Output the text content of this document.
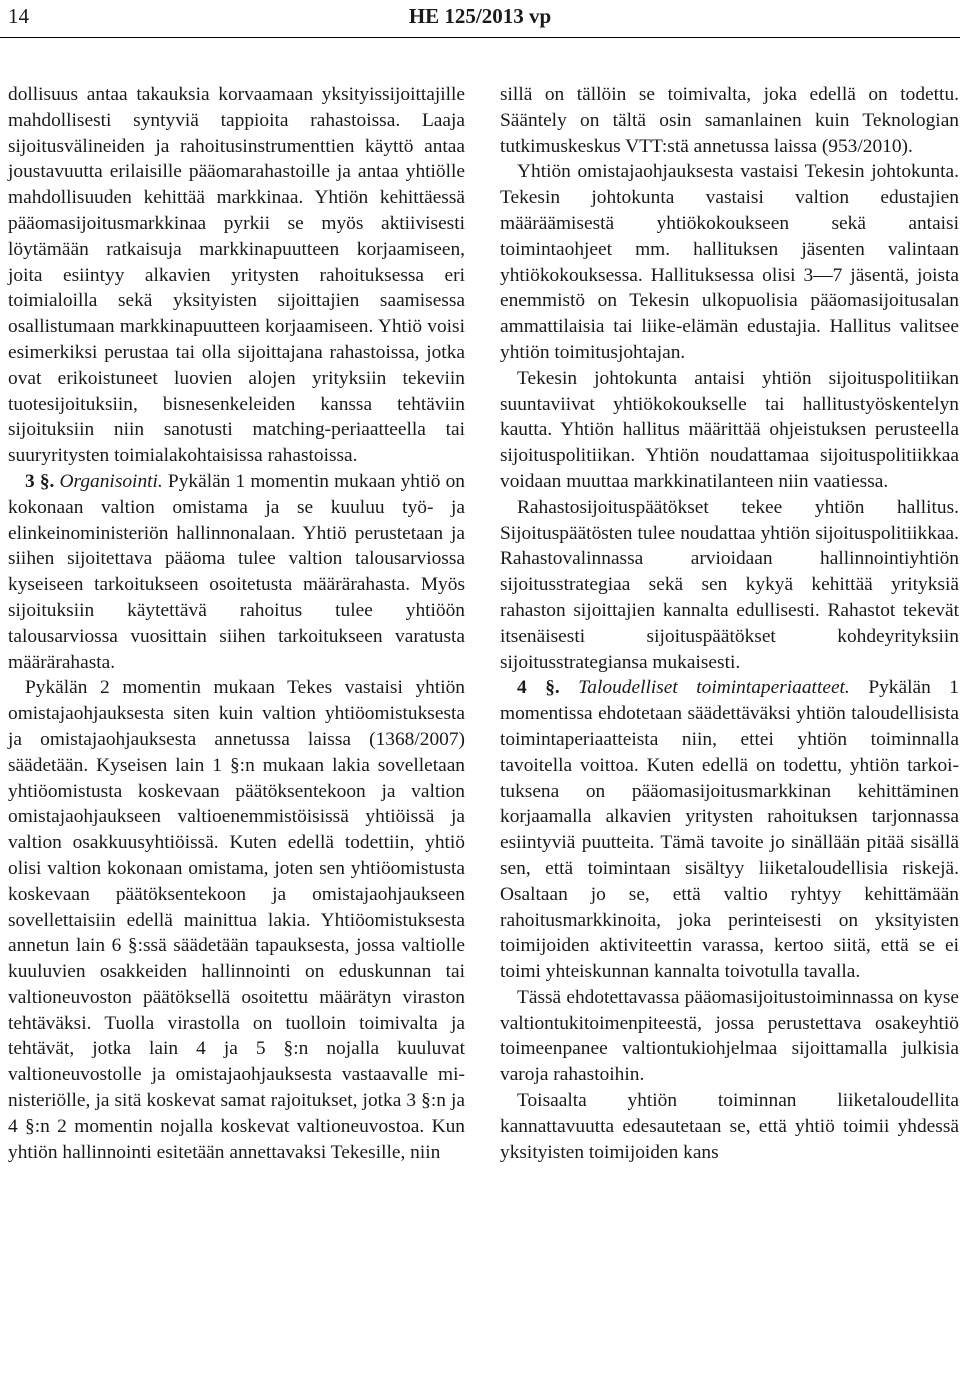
14	HE 125/2013 vp

dollisuus antaa takauksia korvaamaan yksityissijoittajille mahdollisesti syntyviä tappioita rahastoissa. Laaja sijoitusvälineiden ja rahoitusinstrumenttien käyttö antaa joustavuutta erilaisille pääomarahastoille ja antaa yhtiölle mahdollisuuden kehittää markkinaa. Yhtiön kehittäessä pääomasijoitusmarkkinaa pyrkii se myös aktiivisesti löytämään ratkaisuja markkinapuutteen korjaamiseen, joita esiintyy alkavien yritysten rahoituksessa eri toimialoilla sekä yksityisten sijoittajien saamisessa osallistumaan markkinapuutteen korjaamiseen. Yhtiö voisi esimerkiksi perustaa tai olla sijoittajana rahastoissa, jotka ovat erikoistuneet luovien alojen yrityksiin tekeviin tuotesijoituksiin, bisnesenkeleiden kanssa tehtäviin sijoituksiin niin sanotusti matching-periaatteella tai suuryritysten toimialakohtaisissa rahastoissa.

3 §. Organisointi. Pykälän 1 momentin mukaan yhtiö on kokonaan valtion omistama ja se kuuluu työ- ja elinkeinoministeriön hallinnonalaan. Yhtiö perustetaan ja siihen sijoitettava pääoma tulee valtion talousarviossa kyseiseen tarkoitukseen osoitetusta määrärahasta. Myös sijoituksiin käytettävä rahoitus tulee yhtiöön talousarviossa vuosittain siihen tarkoitukseen varatusta määrärahasta.

Pykälän 2 momentin mukaan Tekes vastaisi yhtiön omistajaohjauksesta siten kuin valtion yhtiöomistuksesta ja omistajaohjauksesta annetussa laissa (1368/2007) säädetään. Kyseisen lain 1 §:n mukaan lakia sovelletaan yhtiöomistusta koskevaan päätöksentekoon ja valtion omistajaohjaukseen valtioenemmistöisissä yhtiöissä ja valtion osakkuusyhtiöissä. Kuten edellä todettiin, yhtiö olisi valtion kokonaan omistama, joten sen yhtiöomistusta koskevaan päätöksentekoon ja omistajaohjaukseen sovellettaisiin edellä mainittua lakia. Yhtiöomistuksesta annetun lain 6 §:ssä säädetään tapauksesta, jossa valtiolle kuuluvien osakkeiden hallinnointi on eduskunnan tai valtioneuvoston päätöksellä osoitettu määrätyn viraston tehtäväksi. Tuolla virastolla on tuolloin toimivalta ja tehtävät, jotka lain 4 ja 5 §:n nojalla kuuluvat valtioneuvostolle ja omistajaohjauksesta vastaavalle ministeriölle, ja sitä koskevat samat rajoitukset, jotka 3 §:n ja 4 §:n 2 momentin nojalla koskevat valtioneuvostoa. Kun yhtiön hallinnointi esitetään annettavaksi Tekesille, niin

sillä on tällöin se toimivalta, joka edellä on todettu. Sääntely on tältä osin samanlainen kuin Teknologian tutkimuskeskus VTT:stä annetussa laissa (953/2010).

Yhtiön omistajaohjauksesta vastaisi Tekesin johtokunta. Tekesin johtokunta vastaisi valtion edustajien määräämisestä yhtiökokoukseen sekä antaisi toimintaohjeet mm. hallituksen jäsenten valintaan yhtiökokouksessa. Hallituksessa olisi 3—7 jäsentä, joista enemmistö on Tekesin ulkopuolisia pääomasijoitusalan ammattilaisia tai liike-elämän edustajia. Hallitus valitsee yhtiön toimitusjohtajan.

Tekesin johtokunta antaisi yhtiön sijoituspolitiikan suuntaviivat yhtiökokoukselle tai hallitustyöskentelyn kautta. Yhtiön hallitus määrittää ohjeistuksen perusteella sijoituspolitiikan. Yhtiön noudattamaa sijoituspolitiikkaa voidaan muuttaa markkinatilanteen niin vaatiessa.

Rahastosijoituspäätökset tekee yhtiön hallitus. Sijoituspäätösten tulee noudattaa yhtiön sijoituspolitiikkaa. Rahastovalinnassa arvioidaan hallinnointiyhtiön sijoitusstrategiaa sekä sen kykyä kehittää yrityksiä rahaston sijoittajien kannalta edullisesti. Rahastot tekevät itsenäisesti sijoituspäätökset kohdeyrityksiin sijoitusstrategiansa mukaisesti.

4 §. Taloudelliset toimintaperiaatteet. Pykälän 1 momentissa ehdotetaan säädettäväksi yhtiön taloudellisista toimintaperiaatteista niin, ettei yhtiön toiminnalla tavoitella voittoa. Kuten edellä on todettu, yhtiön tarkoituksena on pääomasijoitusmarkkinan kehittäminen korjaamalla alkavien yritysten rahoituksen tarjonnassa esiintyviä puutteita. Tämä tavoite jo sinällään pitää sisällä sen, että toimintaan sisältyy liiketaloudellisia riskejä. Osaltaan jo se, että valtio ryhtyy kehittämään rahoitusmarkkinoita, joka perinteisesti on yksityisten toimijoiden aktiviteettin varassa, kertoo siitä, että se ei toimi yhteiskunnan kannalta toivotulla tavalla.

Tässä ehdotettavassa pääomasijoitustoiminnassa on kyse valtiontukitoimenpiteestä, jossa perustettava osakeyhtiö toimeenpanee valtiontukiohjelmaa sijoittamalla julkisia varoja rahastoihin.

Toisaalta yhtiön toiminnan liiketaloudellita kannattavuutta edesautetaan se, että yhtiö toimii yhdessä yksityisten toimijoiden kans
